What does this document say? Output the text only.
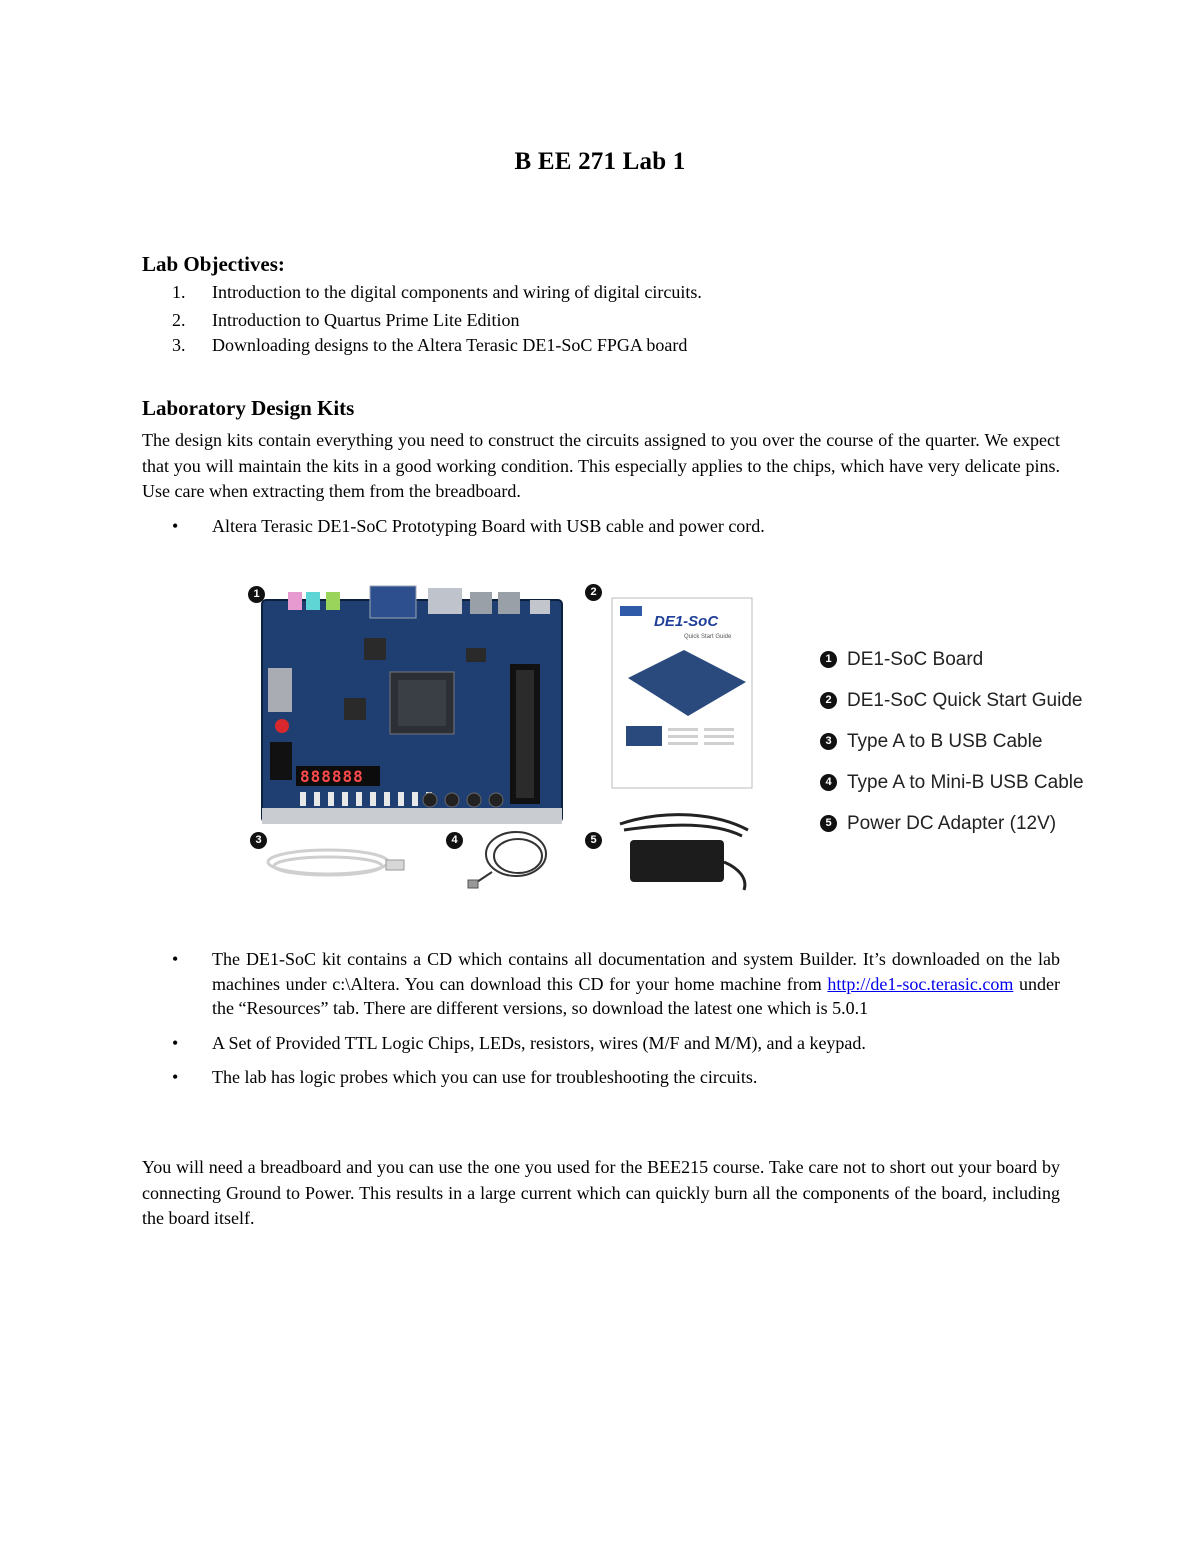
B EE 271 Lab 1
Lab Objectives:
1. Introduction to the digital components and wiring of digital circuits.
2. Introduction to Quartus Prime Lite Edition
3. Downloading designs to the Altera Terasic DE1-SoC FPGA board
Laboratory Design Kits
The design kits contain everything you need to construct the circuits assigned to you over the course of the quarter. We expect that you will maintain the kits in a good working condition. This especially applies to the chips, which have very delicate pins. Use care when extracting them from the breadboard.
• Altera Terasic DE1-SoC Prototyping Board with USB cable and power cord.
888888
DE1-SoC
Quick Start Guide
1	2
3	4	5
1 DE1-SoC Board
2 DE1-SoC Quick Start Guide
3 Type A to B USB Cable
4 Type A to Mini-B USB Cable
5 Power DC Adapter (12V)
• The DE1-SoC kit contains a CD which contains all documentation and system Builder. It’s downloaded on the lab machines under c:\Altera. You can download this CD for your home machine from http://de1-soc.terasic.com under the “Resources” tab. There are different versions, so download the latest one which is 5.0.1
• A Set of Provided TTL Logic Chips, LEDs, resistors, wires (M/F and M/M), and a keypad.
• The lab has logic probes which you can use for troubleshooting the circuits.
You will need a breadboard and you can use the one you used for the BEE215 course. Take care not to short out your board by connecting Ground to Power. This results in a large current which can quickly burn all the components of the board, including the board itself.
